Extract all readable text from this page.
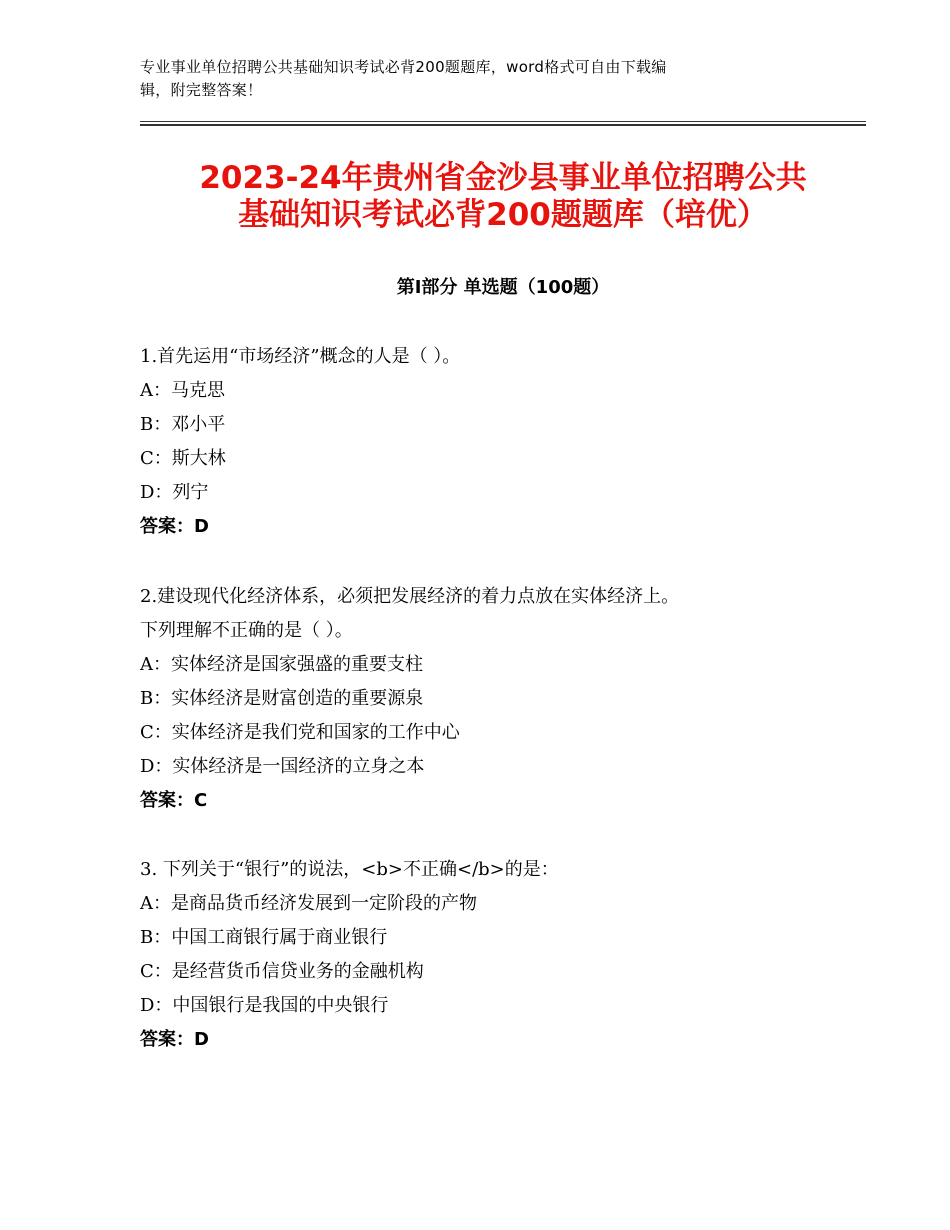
专业事业单位招聘公共基础知识考试必背200题题库，word格式可自由下载编
辑，附完整答案！
2023-24年贵州省金沙县事业单位招聘公共
基础知识考试必背200题题库（培优）
第Ⅰ部分 单选题（100题）
1.首先运用“市场经济”概念的人是（ ）。
A：马克思
B：邓小平
C：斯大林
D：列宁
答案：D
2.建设现代化经济体系，必须把发展经济的着力点放在实体经济上。
下列理解不正确的是（ ）。
A：实体经济是国家强盛的重要支柱
B：实体经济是财富创造的重要源泉
C：实体经济是我们党和国家的工作中心
D：实体经济是一国经济的立身之本
答案：C
3. 下列关于“银行”的说法，<b>不正确</b>的是：
A：是商品货币经济发展到一定阶段的产物
B：中国工商银行属于商业银行
C：是经营货币信贷业务的金融机构
D：中国银行是我国的中央银行
答案：D
